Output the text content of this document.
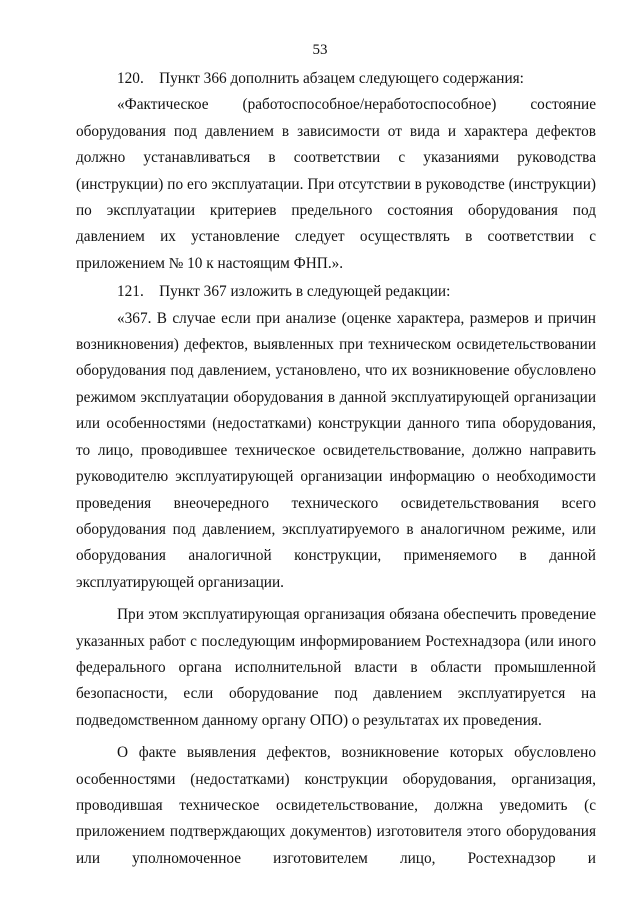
53

120.    Пункт 366 дополнить абзацем следующего содержания:

«Фактическое (работоспособное/неработоспособное) состояние оборудования под давлением в зависимости от вида и характера дефектов должно устанавливаться в соответствии с указаниями руководства (инструкции) по его эксплуатации. При отсутствии в руководстве (инструкции) по эксплуатации критериев предельного состояния оборудования под давлением их установление следует осуществлять в соответствии с приложением № 10 к настоящим ФНП.».

121.    Пункт 367 изложить в следующей редакции:

«367. В случае если при анализе (оценке характера, размеров и причин возникновения) дефектов, выявленных при техническом освидетельствовании оборудования под давлением, установлено, что их возникновение обусловлено режимом эксплуатации оборудования в данной эксплуатирующей организации или особенностями (недостатками) конструкции данного типа оборудования, то лицо, проводившее техническое освидетельствование, должно направить руководителю эксплуатирующей организации информацию о необходимости проведения внеочередного технического освидетельствования всего оборудования под давлением, эксплуатируемого в аналогичном режиме, или оборудования аналогичной конструкции, применяемого в данной эксплуатирующей организации.

При этом эксплуатирующая организация обязана обеспечить проведение указанных работ с последующим информированием Ростехнадзора (или иного федерального органа исполнительной власти в области промышленной безопасности, если оборудование под давлением эксплуатируется на подведомственном данному органу ОПО) о результатах их проведения.

О факте выявления дефектов, возникновение которых обусловлено особенностями (недостатками) конструкции оборудования, организация, проводившая техническое освидетельствование, должна уведомить (с приложением подтверждающих документов) изготовителя этого оборудования или уполномоченное изготовителем лицо, Ростехнадзор и
